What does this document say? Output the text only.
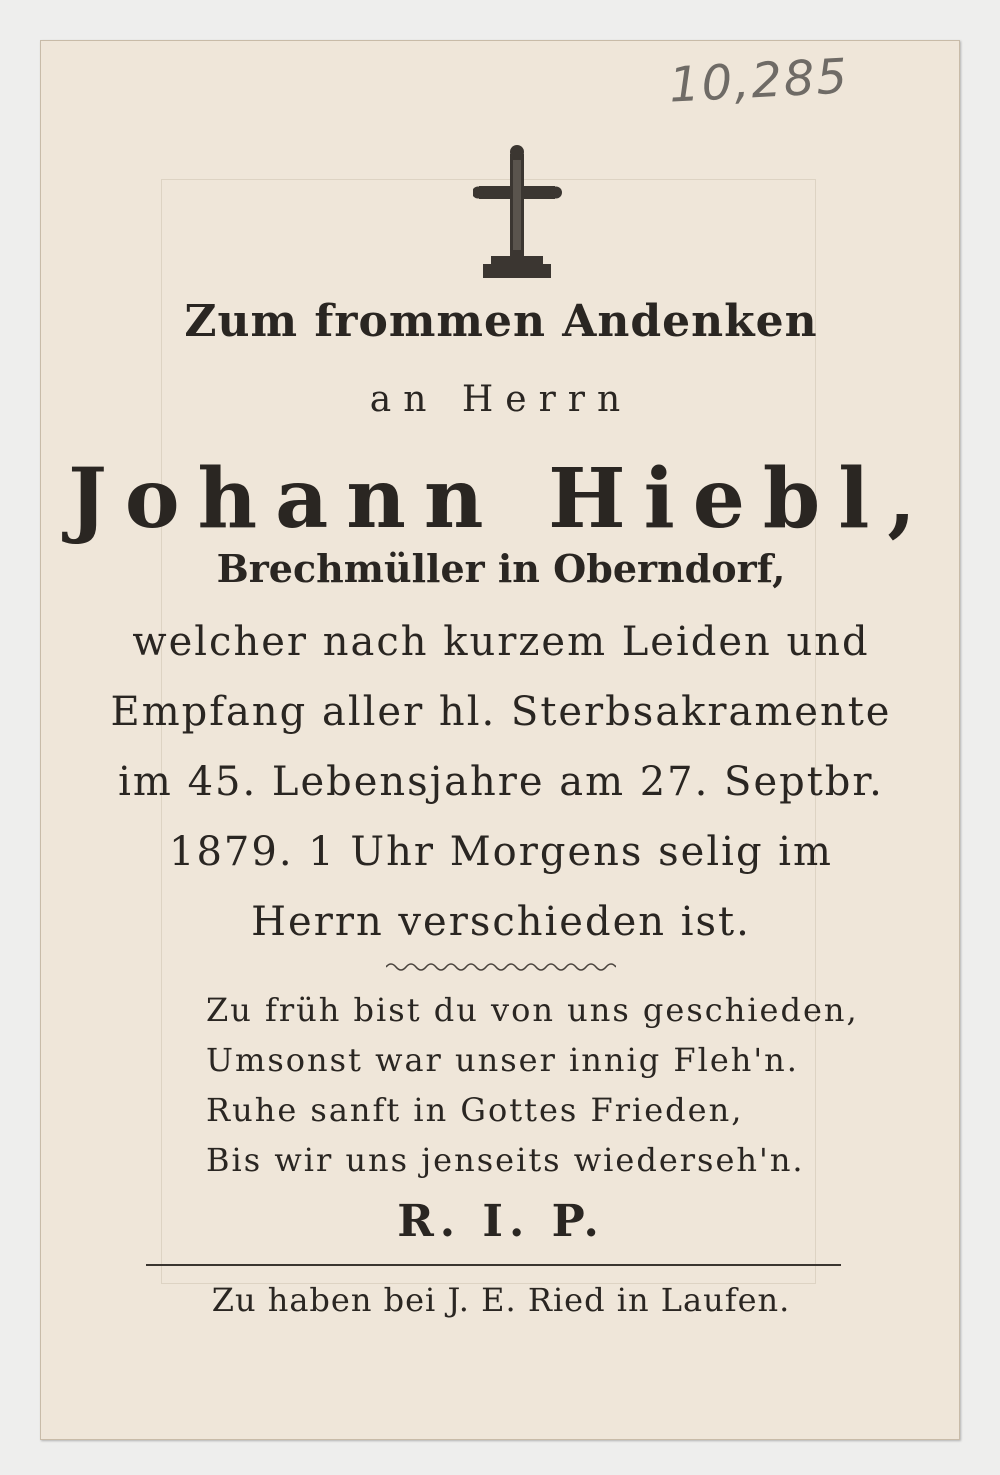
10,285
Zum frommen Andenken
an Herrn
Johann Hiebl,
Brechmüller in Oberndorf,
welcher nach kurzem Leiden und
Empfang aller hl. Sterbsakramente
im 45. Lebensjahre am 27. Septbr.
1879. 1 Uhr Morgens selig im
Herrn verschieden ist.
Zu früh bist du von uns geschieden,
Umsonst war unser innig Fleh'n.
Ruhe sanft in Gottes Frieden,
Bis wir uns jenseits wiederseh'n.
R. I. P.
Zu haben bei J. E. Ried in Laufen.
